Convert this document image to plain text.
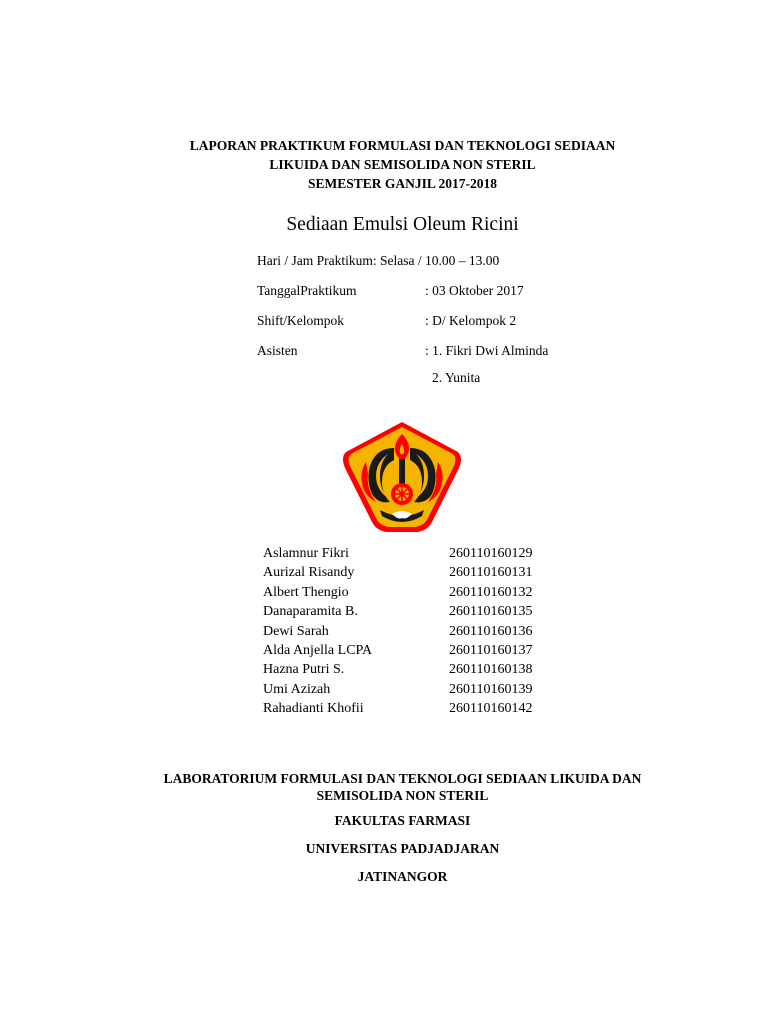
LAPORAN PRAKTIKUM FORMULASI DAN TEKNOLOGI SEDIAAN
LIKUIDA DAN SEMISOLIDA NON STERIL
SEMESTER GANJIL 2017-2018
Sediaan Emulsi Oleum Ricini
Hari / Jam Praktikum: Selasa / 10.00 – 13.00
TanggalPraktikum	: 03 Oktober 2017
Shift/Kelompok	: D/ Kelompok 2
Asisten	: 1. Fikri Dwi Alminda
2. Yunita
Aslamnur Fikri	260110160129
Aurizal Risandy	260110160131
Albert Thengio	260110160132
Danaparamita B.	260110160135
Dewi Sarah	260110160136
Alda Anjella LCPA	260110160137
Hazna Putri S.	260110160138
Umi Azizah	260110160139
Rahadianti Khofii	260110160142
LABORATORIUM FORMULASI DAN TEKNOLOGI SEDIAAN LIKUIDA DAN
SEMISOLIDA NON STERIL
FAKULTAS FARMASI
UNIVERSITAS PADJADJARAN
JATINANGOR
